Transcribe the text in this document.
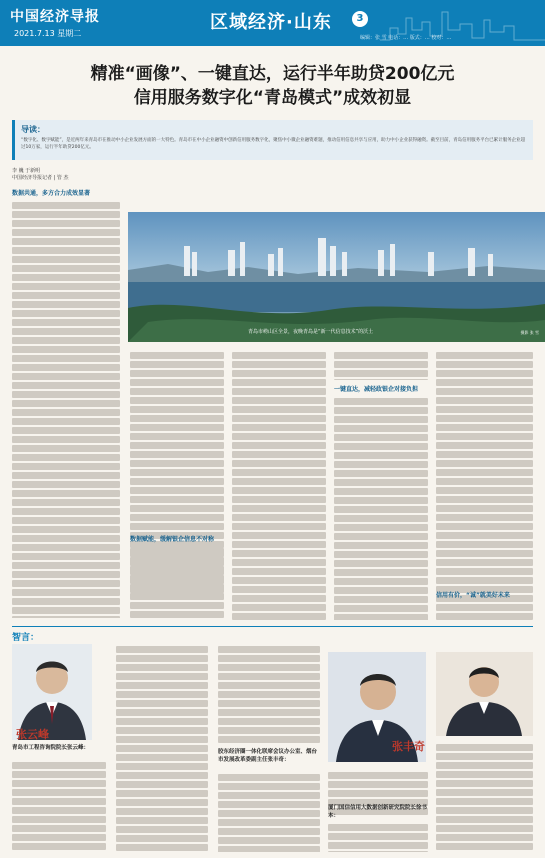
中国经济导报
2021.7.13 星期二
区域经济·山东	3
编辑：张 雪 电话：… 版式：… 校对：…
精准“画像”、一键直达，运行半年助贷200亿元
信用服务数字化“青岛模式”成效初显
导读：
“数字化、数字赋能”，是近两年来青岛市在推动中小企业发展方面的一大特色。青岛市在中小企业融资中创新信用服务数字化，聚焦中小微企业融资难题，推动信用信息共享与应用，助力中小企业获得融资。截至目前，青岛信用服务平台已累计服务企业超过10万家，运行半年助贷200亿元。
李 巍 于新明
中国经济导报记者 | 管 杰
数据共通，多方合力成效显著
青岛市崂山区全景，夜晚青岛是“新一代信息技术”的沃土	摄影 张 雪
数据赋能，缓解银企信息不对称
一键直达，减轻政银企对接负担
信用有价，“诚”就美好未来
智言：
张云峰
青岛市工程咨询院院长张云峰：
胶东经济圈一体化联席会议办公室、烟台市发展改革委副主任张丰奇：
张丰奇
厦门国信信用大数据创新研究院院长徐书本：
